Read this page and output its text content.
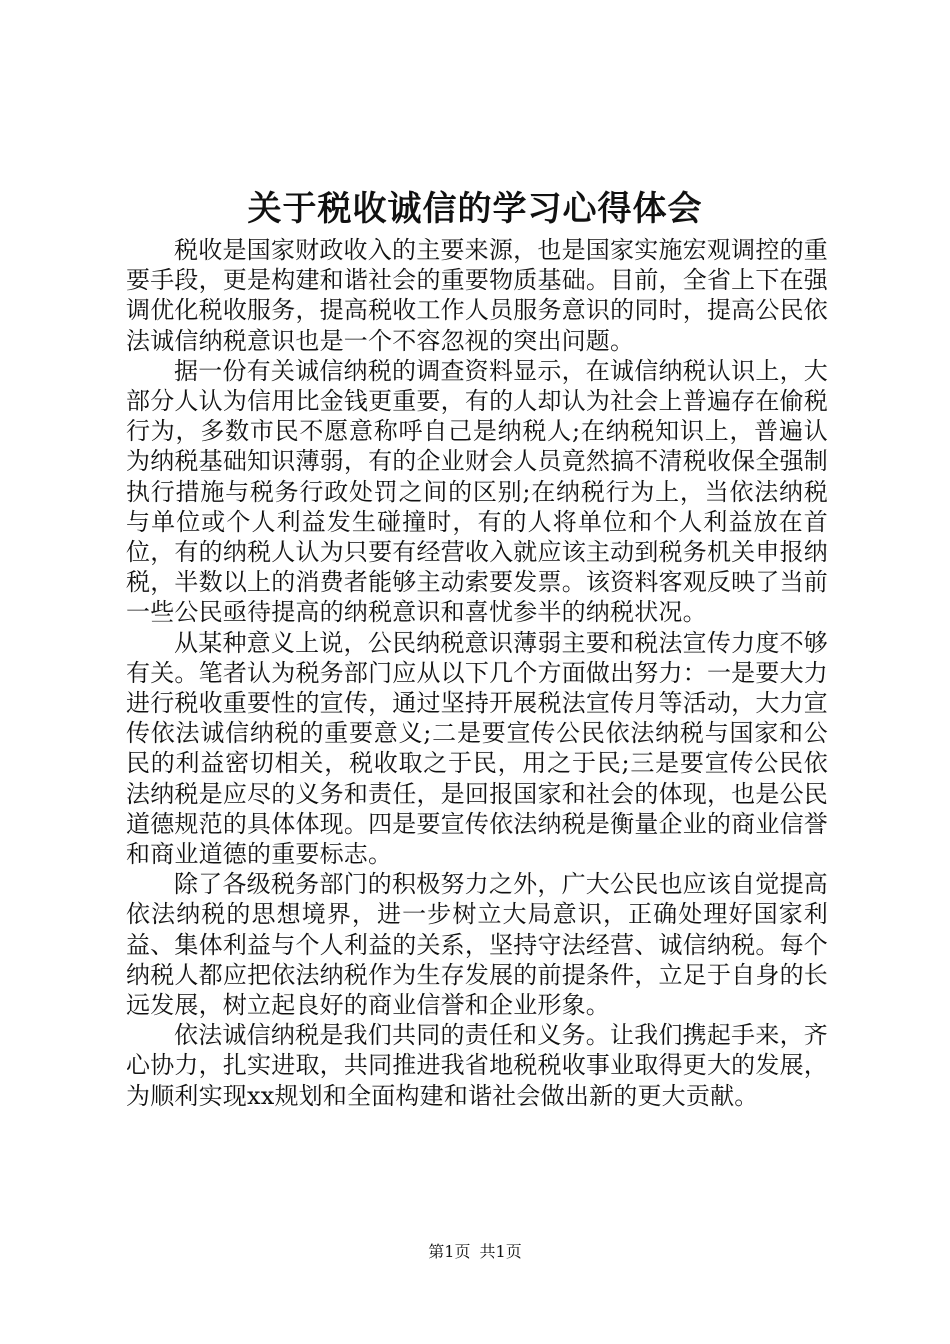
关于税收诚信的学习心得体会

税收是国家财政收入的主要来源，也是国家实施宏观调控的重要手段，更是构建和谐社会的重要物质基础。目前，全省上下在强调优化税收服务，提高税收工作人员服务意识的同时，提高公民依法诚信纳税意识也是一个不容忽视的突出问题。

据一份有关诚信纳税的调查资料显示，在诚信纳税认识上，大部分人认为信用比金钱更重要，有的人却认为社会上普遍存在偷税行为，多数市民不愿意称呼自己是纳税人;在纳税知识上，普遍认为纳税基础知识薄弱，有的企业财会人员竟然搞不清税收保全强制执行措施与税务行政处罚之间的区别;在纳税行为上，当依法纳税与单位或个人利益发生碰撞时，有的人将单位和个人利益放在首位，有的纳税人认为只要有经营收入就应该主动到税务机关申报纳税，半数以上的消费者能够主动索要发票。该资料客观反映了当前一些公民亟待提高的纳税意识和喜忧参半的纳税状况。

从某种意义上说，公民纳税意识薄弱主要和税法宣传力度不够有关。笔者认为税务部门应从以下几个方面做出努力：一是要大力进行税收重要性的宣传，通过坚持开展税法宣传月等活动，大力宣传依法诚信纳税的重要意义;二是要宣传公民依法纳税与国家和公民的利益密切相关，税收取之于民，用之于民;三是要宣传公民依法纳税是应尽的义务和责任，是回报国家和社会的体现，也是公民道德规范的具体体现。四是要宣传依法纳税是衡量企业的商业信誉和商业道德的重要标志。

除了各级税务部门的积极努力之外，广大公民也应该自觉提高依法纳税的思想境界，进一步树立大局意识，正确处理好国家利益、集体利益与个人利益的关系，坚持守法经营、诚信纳税。每个纳税人都应把依法纳税作为生存发展的前提条件，立足于自身的长远发展，树立起良好的商业信誉和企业形象。

依法诚信纳税是我们共同的责任和义务。让我们携起手来，齐心协力，扎实进取，共同推进我省地税税收事业取得更大的发展，为顺利实现xx规划和全面构建和谐社会做出新的更大贡献。

第1页 共1页
